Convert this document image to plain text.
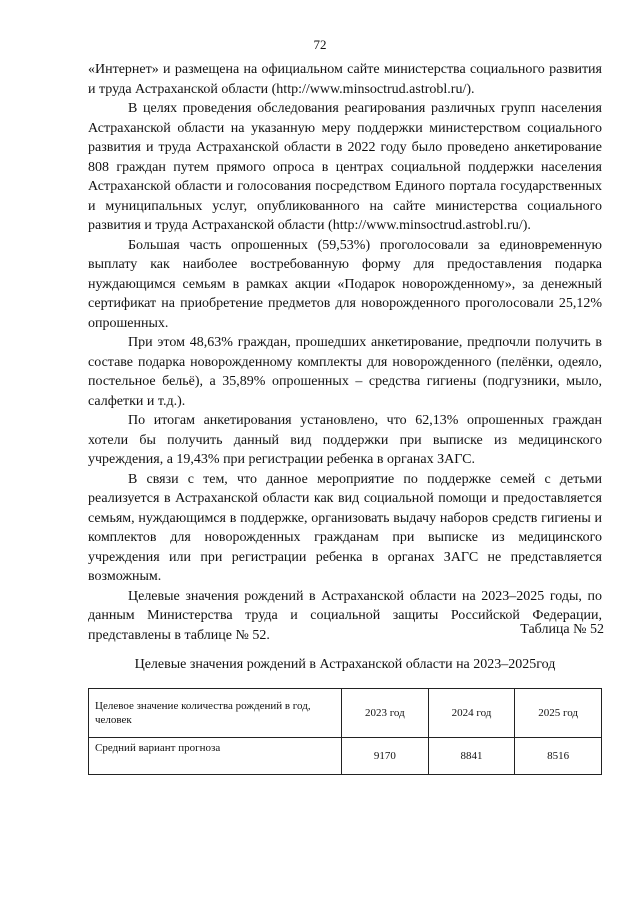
72

«Интернет» и размещена на официальном сайте министерства социального развития и труда Астраханской области (http://www.minsoctrud.astrobl.ru/).

В целях проведения обследования реагирования различных групп населения Астраханской области на указанную меру поддержки министерством социального развития и труда Астраханской области в 2022 году было проведено анкетирование 808 граждан путем прямого опроса в центрах социальной поддержки населения Астраханской области и голосования посредством Единого портала государственных и муниципальных услуг, опубликованного на сайте министерства социального развития и труда Астраханской области (http://www.minsoctrud.astrobl.ru/).

Большая часть опрошенных (59,53%) проголосовали за единовременную выплату как наиболее востребованную форму для предоставления подарка нуждающимся семьям в рамках акции «Подарок новорожденному», за денежный сертификат на приобретение предметов для новорожденного проголосовали 25,12% опрошенных.

При этом 48,63% граждан, прошедших анкетирование, предпочли получить в составе подарка новорожденному комплекты для новорожденного (пелёнки, одеяло, постельное бельё), а 35,89% опрошенных – средства гигиены (подгузники, мыло, салфетки и т.д.).

По итогам анкетирования установлено, что 62,13% опрошенных граждан хотели бы получить данный вид поддержки при выписке из медицинского учреждения, а 19,43% при регистрации ребенка в органах ЗАГС.

В связи с тем, что данное мероприятие по поддержке семей с детьми реализуется в Астраханской области как вид социальной помощи и предоставляется семьям, нуждающимся в поддержке, организовать выдачу наборов средств гигиены и комплектов для новорожденных гражданам при выписке из медицинского учреждения или при регистрации ребенка в органах ЗАГС не представляется возможным.

Целевые значения рождений в Астраханской области на 2023–2025 годы, по данным Министерства труда и социальной защиты Российской Федерации, представлены в таблице № 52.	Таблица № 52
Целевые значения рождений в Астраханской области на 2023–2025год
Целевое значение количества рождений в год, человек	2023 год	2024 год	2025 год
Средний вариант прогноза	9170	8841	8516
